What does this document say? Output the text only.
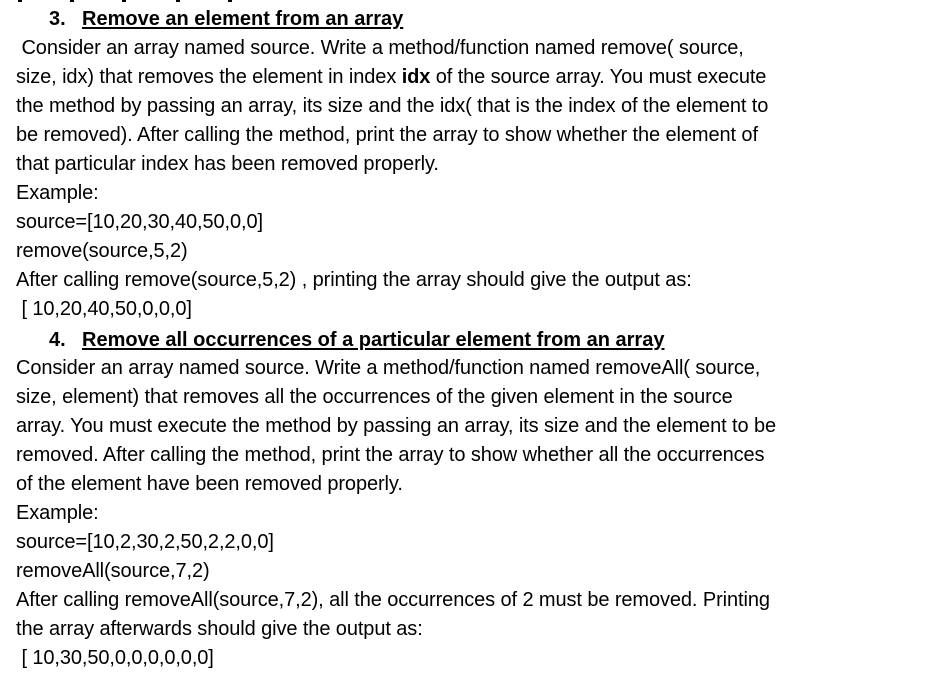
3. Remove an element from an array
Consider an array named source. Write a method/function named remove( source,
size, idx) that removes the element in index idx of the source array. You must execute
the method by passing an array, its size and the idx( that is the index of the element to
be removed). After calling the method, print the array to show whether the element of
that particular index has been removed properly.
Example:
source=[10,20,30,40,50,0,0]
remove(source,5,2)
After calling remove(source,5,2) , printing the array should give the output as:
[ 10,20,40,50,0,0,0]
4. Remove all occurrences of a particular element from an array
Consider an array named source. Write a method/function named removeAll( source,
size, element) that removes all the occurrences of the given element in the source
array. You must execute the method by passing an array, its size and the element to be
removed. After calling the method, print the array to show whether all the occurrences
of the element have been removed properly.
Example:
source=[10,2,30,2,50,2,2,0,0]
removeAll(source,7,2)
After calling removeAll(source,7,2), all the occurrences of 2 must be removed. Printing
the array afterwards should give the output as:
[ 10,30,50,0,0,0,0,0,0]
